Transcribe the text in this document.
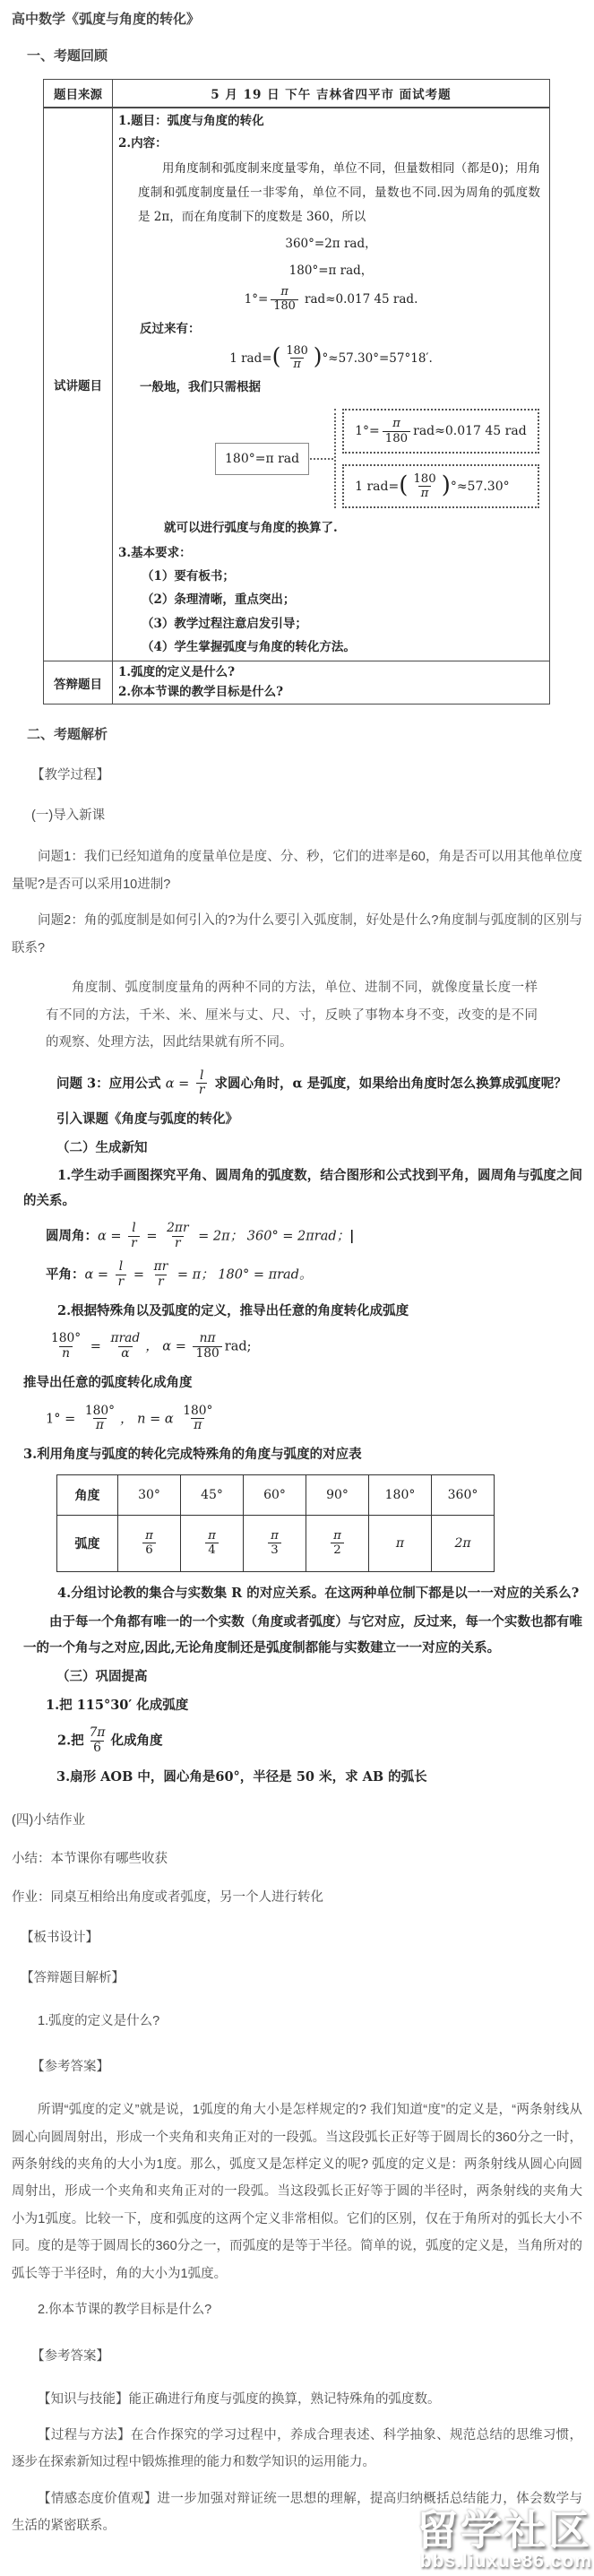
高中数学《弧度与角度的转化》
一、考题回顾
题目来源	5 月 19 日 下午 吉林省四平市 面试考题

试讲题目	
1.题目：弧度与角度的转化
2.内容：
用角度制和弧度制来度量零角，单位不同，但量数相同（都是0)；用角度制和弧度制度量任一非零角，单位不同，量数也不同.因为周角的弧度数是 2π，而在角度制下的度数是 360，所以
360°=2π rad，
180°=π rad，
$1^\circ= \frac{\pi}{180} rad\approx 0.017$ 45 rad.
反过来有：
1 $rad=( \frac{180}{\pi} )^\circ\approx 57.30^\circ=57^\circ 18'$.
一般地，我们只需根据
180°=π rad
$1^\circ= \frac{\pi}{180} rad\approx 0.017$ 45 rad
1 $rad=( \frac{180}{\pi} )^\circ\approx 57.30^\circ$
就可以进行弧度与角度的换算了.
3.基本要求：
（1）要有板书；
（2）条理清晰，重点突出；
（3）教学过程注意启发引导；
（4）学生掌握弧度与角度的转化方法。

答辩题目	1.弧度的定义是什么?
2.你本节课的教学目标是什么?
二、考题解析
【教学过程】
(一)导入新课
问题1：我们已经知道角的度量单位是度、分、秒，它们的进率是60，角是否可以用其他单位度量呢?是否可以采用10进制?
问题2：角的弧度制是如何引入的?为什么要引入弧度制，好处是什么?角度制与弧度制的区别与联系?
角度制、弧度制度量角的两种不同的方法，单位、进制不同，就像度量长度一样有不同的方法，千米、米、厘米与丈、尺、寸，反映了事物本身不变，改变的是不同的观察、处理方法，因此结果就有所不同。
问题 3：应用公式 $\alpha = \frac{l}{r}$ 求圆心角时，α 是弧度，如果给出角度时怎么换算成弧度呢？
引入课题《角度与弧度的转化》
（二）生成新知
1.学生动手画图探究平角、圆周角的弧度数，结合图形和公式找到平角，圆周角与弧度之间的关系。
圆周角：$\alpha = \frac{l}{r} = \frac{2\pi r}{r} = 2\pi$； 360° = 2πrad；|
平角：$\alpha = \frac{l}{r} = \frac{\pi r}{r} = \pi$； 180° = πrad。
2.根据特殊角以及弧度的定义，推导出任意的角度转化成弧度
$\frac{180^\circ}{n} = \frac{\text{πrad}}{\alpha}$ ， $\alpha = \frac{n\pi}{180}$ rad;
推导出任意的弧度转化成角度
$1^\circ = \frac{180^\circ}{\pi}$ ， n = α $\frac{180^\circ}{\pi}$
3.利用角度与弧度的转化完成特殊角的角度与弧度的对应表
角度	30°	45°	60°	90°	180°	360°
弧度	$\frac{\pi}{6}$	$\frac{\pi}{4}$	$\frac{\pi}{3}$	$\frac{\pi}{2}$	π	2π
4.分组讨论教的集合与实数集 R 的对应关系。在这两种单位制下都是以一一对应的关系么?
由于每一个角都有唯一的一个实数（角度或者弧度）与它对应，反过来，每一个实数也都有唯一的一个角与之对应,因此,无论角度制还是弧度制都能与实数建立一一对应的关系。
（三）巩固提高
1.把 115°30′ 化成弧度
2.把 $\frac{7\pi}{6}$ 化成角度
3.扇形 AOB 中，圆心角是60°，半径是 50 米，求 AB 的弧长
(四)小结作业
小结：本节课你有哪些收获
作业：同桌互相给出角度或者弧度，另一个人进行转化
【板书设计】
【答辩题目解析】
1.弧度的定义是什么?
【参考答案】
所谓“弧度的定义”就是说，1弧度的角大小是怎样规定的? 我们知道“度”的定义是，“两条射线从圆心向圆周射出，形成一个夹角和夹角正对的一段弧。当这段弧长正好等于圆周长的360分之一时，两条射线的夹角的大小为1度。那么，弧度又是怎样定义的呢? 弧度的定义是：两条射线从圆心向圆周射出，形成一个夹角和夹角正对的一段弧。当这段弧长正好等于圆的半径时，两条射线的夹角大小为1弧度。比较一下，度和弧度的这两个定义非常相似。它们的区别，仅在于角所对的弧长大小不同。度的是等于圆周长的360分之一，而弧度的是等于半径。简单的说，弧度的定义是，当角所对的弧长等于半径时，角的大小为1弧度。
2.你本节课的教学目标是什么?
【参考答案】
【知识与技能】能正确进行角度与弧度的换算，熟记特殊角的弧度数。
【过程与方法】在合作探究的学习过程中，养成合理表述、科学抽象、规范总结的思维习惯，逐步在探索新知过程中锻炼推理的能力和数学知识的运用能力。
【情感态度价值观】进一步加强对辩证统一思想的理解，提高归纳概括总结能力，体会数学与生活的紧密联系。	留学社区
bbs.liuxue86.com
